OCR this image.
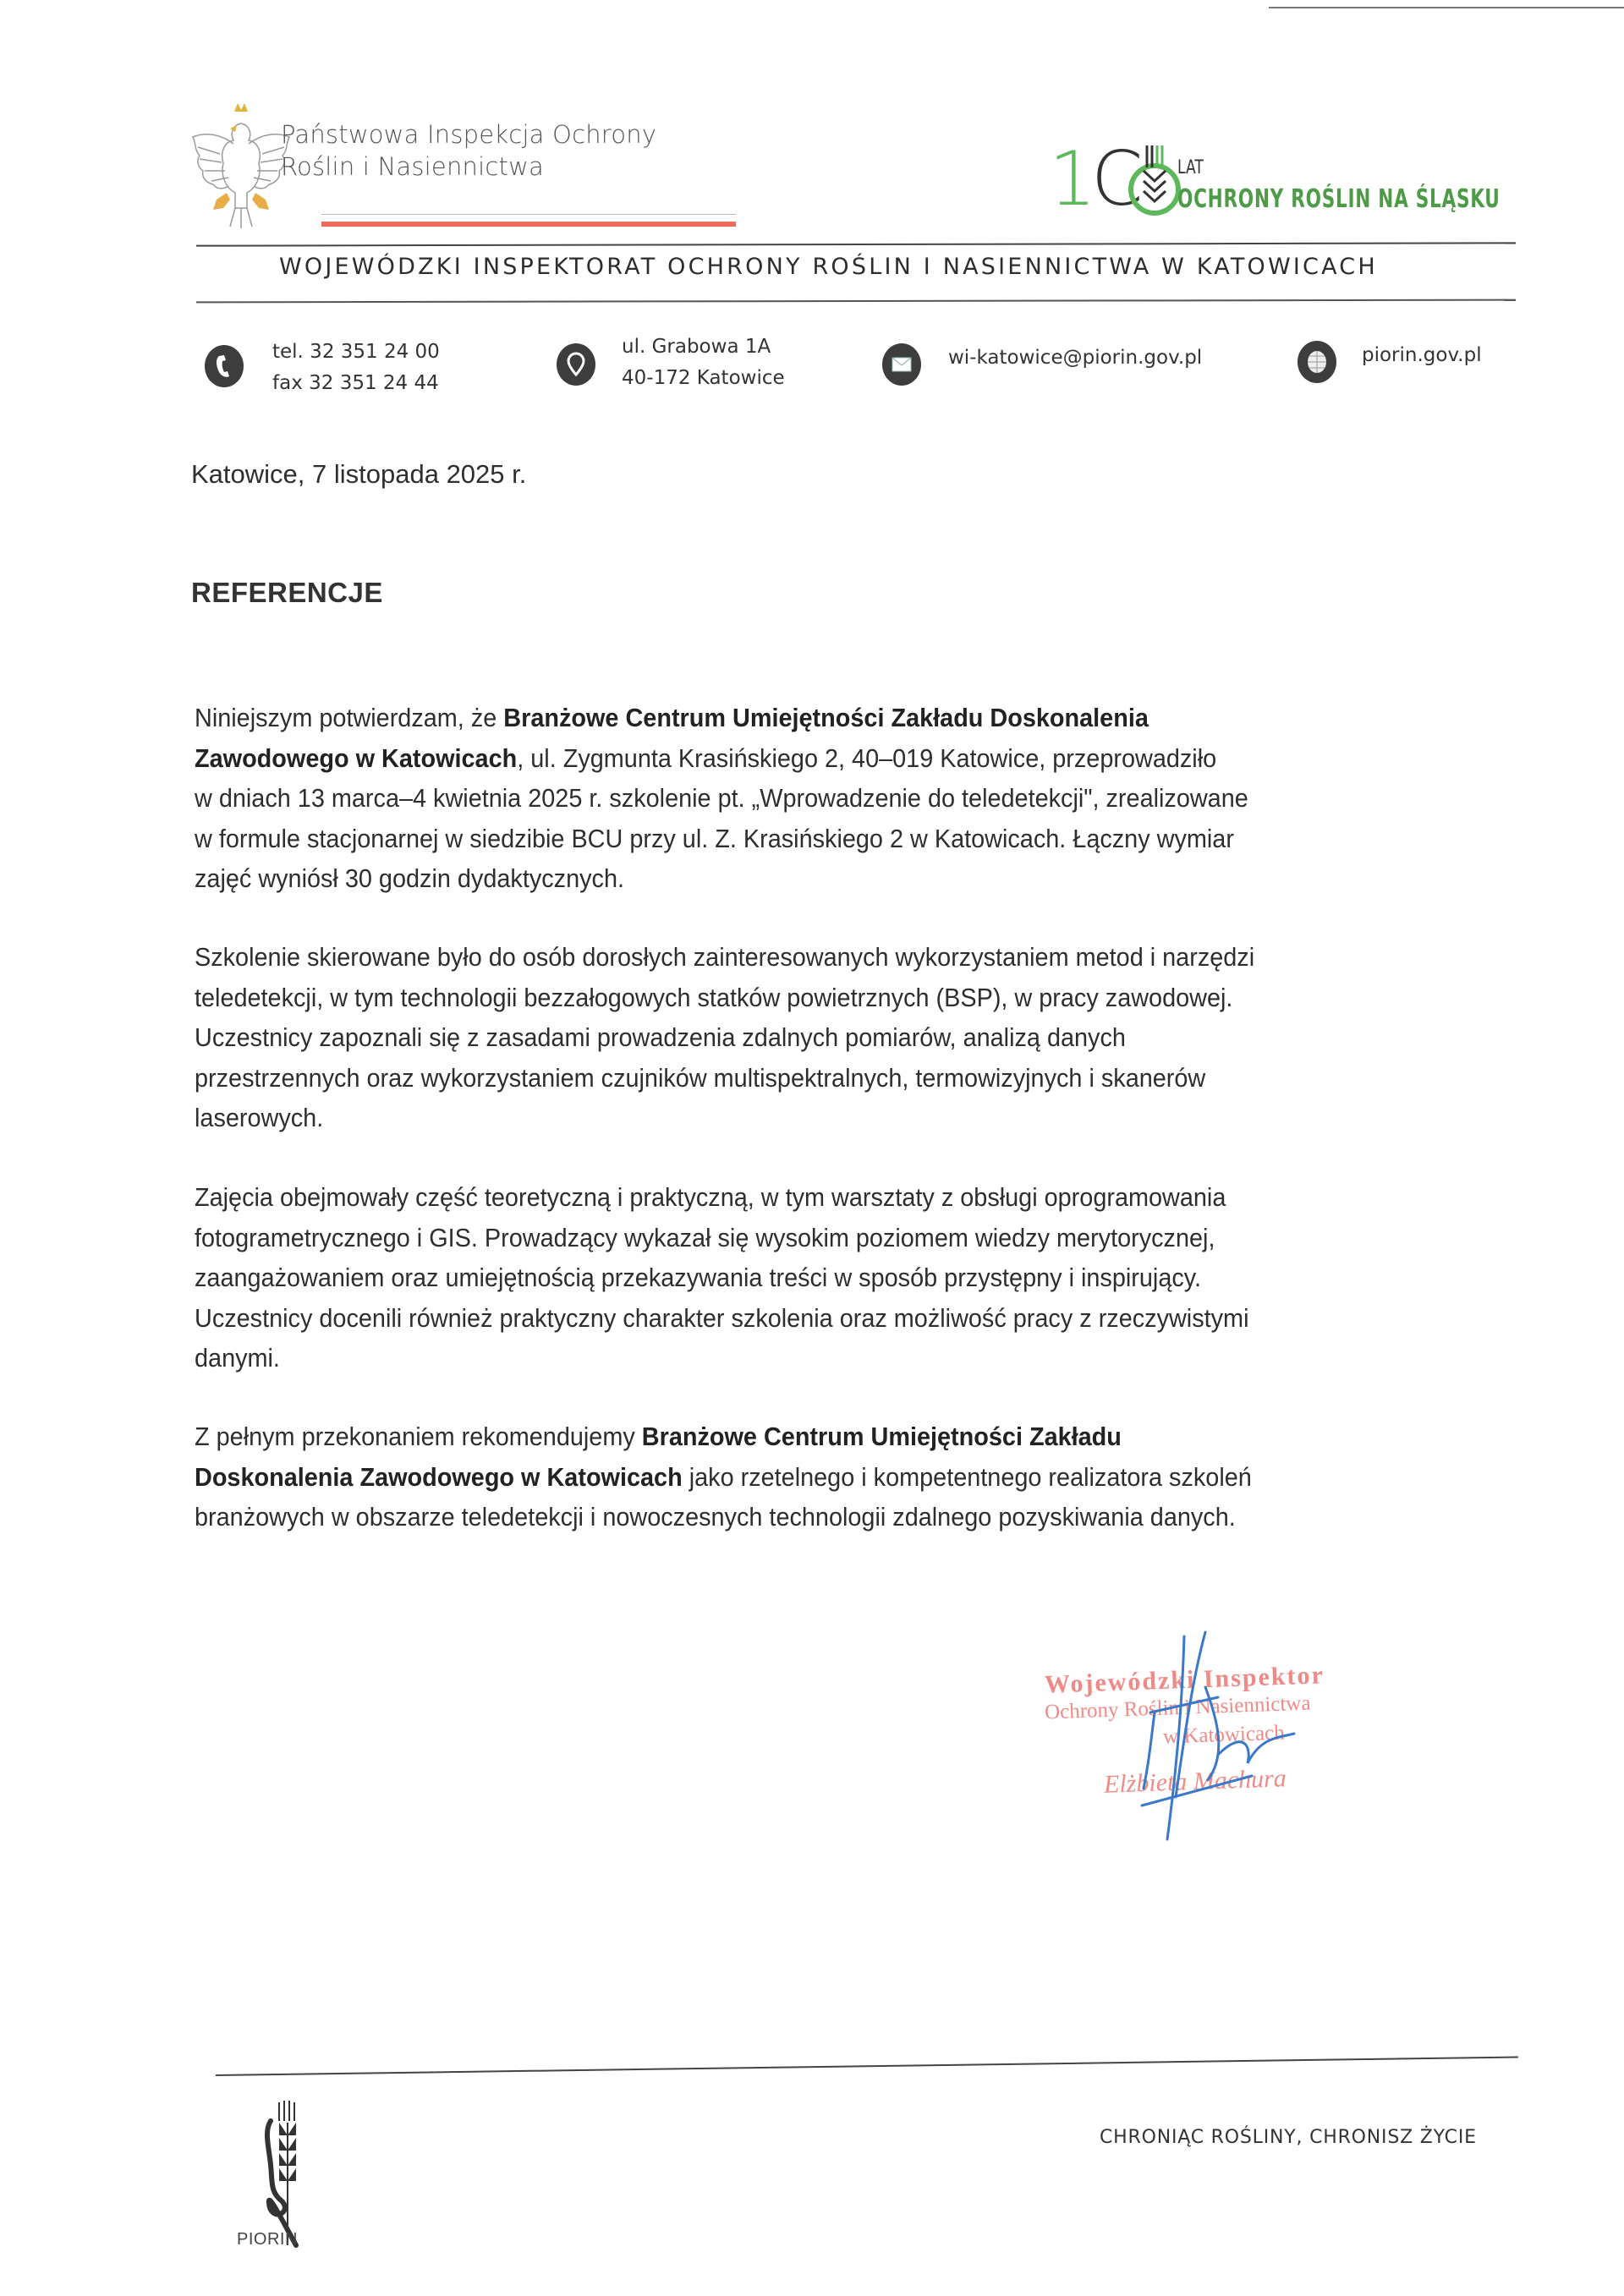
Państwowa Inspekcja Ochrony
Roślin i Nasiennictwa	1C LAT
OCHRONY ROŚLIN NA ŚLĄSKU
WOJEWÓDZKI INSPEKTORAT OCHRONY ROŚLIN I NASIENNICTWA W KATOWICACH
tel. 32 351 24 00
fax 32 351 24 44
ul. Grabowa 1A
40-172 Katowice
wi-katowice@piorin.gov.pl	piorin.gov.pl
Katowice, 7 listopada 2025 r.
REFERENCJE
Niniejszym potwierdzam, że Branżowe Centrum Umiejętności Zakładu Doskonalenia
Zawodowego w Katowicach, ul. Zygmunta Krasińskiego 2, 40–019 Katowice, przeprowadziło
w dniach 13 marca–4 kwietnia 2025 r. szkolenie pt. „Wprowadzenie do teledetekcji", zrealizowane
w formule stacjonarnej w siedzibie BCU przy ul. Z. Krasińskiego 2 w Katowicach. Łączny wymiar
zajęć wyniósł 30 godzin dydaktycznych.
Szkolenie skierowane było do osób dorosłych zainteresowanych wykorzystaniem metod i narzędzi
teledetekcji, w tym technologii bezzałogowych statków powietrznych (BSP), w pracy zawodowej.
Uczestnicy zapoznali się z zasadami prowadzenia zdalnych pomiarów, analizą danych
przestrzennych oraz wykorzystaniem czujników multispektralnych, termowizyjnych i skanerów
laserowych.
Zajęcia obejmowały część teoretyczną i praktyczną, w tym warsztaty z obsługi oprogramowania
fotogrametrycznego i GIS. Prowadzący wykazał się wysokim poziomem wiedzy merytorycznej,
zaangażowaniem oraz umiejętnością przekazywania treści w sposób przystępny i inspirujący.
Uczestnicy docenili również praktyczny charakter szkolenia oraz możliwość pracy z rzeczywistymi
danymi.
Z pełnym przekonaniem rekomendujemy Branżowe Centrum Umiejętności Zakładu
Doskonalenia Zawodowego w Katowicach jako rzetelnego i kompetentnego realizatora szkoleń
branżowych w obszarze teledetekcji i nowoczesnych technologii zdalnego pozyskiwania danych.
Wojewódzki Inspektor
Ochrony Roślin i Nasiennictwa
w Katowicach
Elżbieta Machura
PIORIN
CHRONIĄC ROŚLINY, CHRONISZ ŻYCIE
